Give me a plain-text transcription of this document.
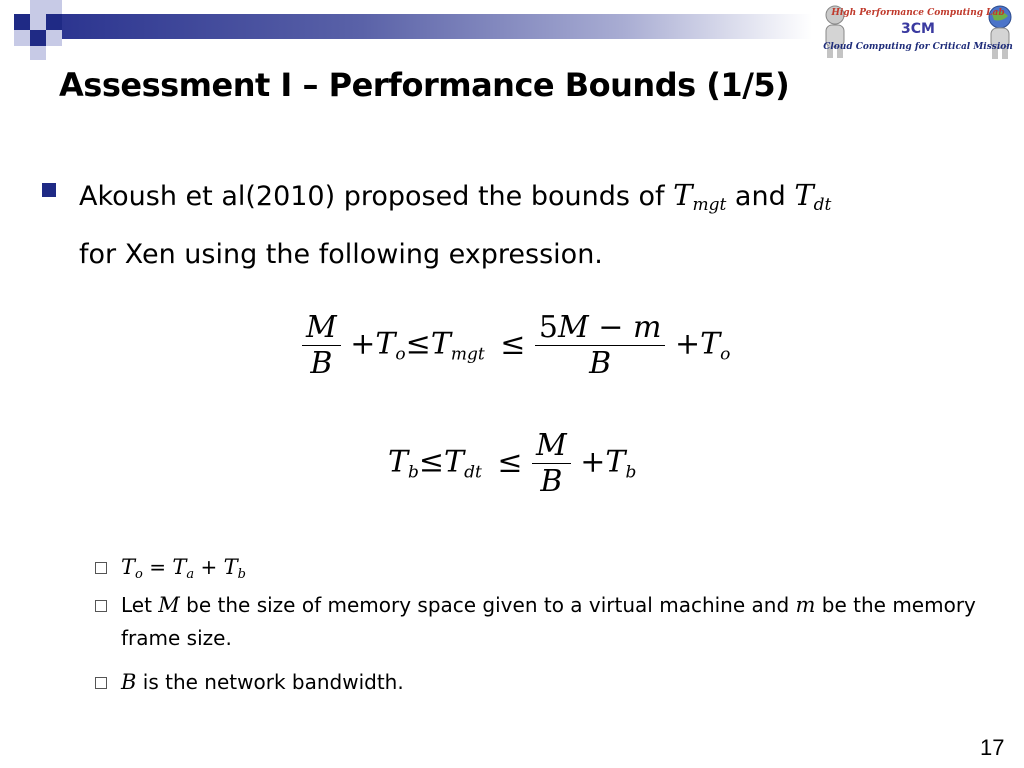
High Performance Computing Lab
3CM
Cloud Computing for Critical Mission
Assessment I – Performance Bounds (1/5)
Akoush et al(2010) proposed the bounds of $T_{mgt}$ and $T_{dt}$
for Xen using the following expression.
$\frac{M}{B} +T_o\le T_{mgt} \le \frac{5M - m}{B} +T_o$
$T_b\le T_{dt} \le \frac{M}{B} +T_b$
$T_o = T_a + T_b$
Let M be the size of memory space given to a virtual machine and m be the memory frame size.
B is the network bandwidth.
17
